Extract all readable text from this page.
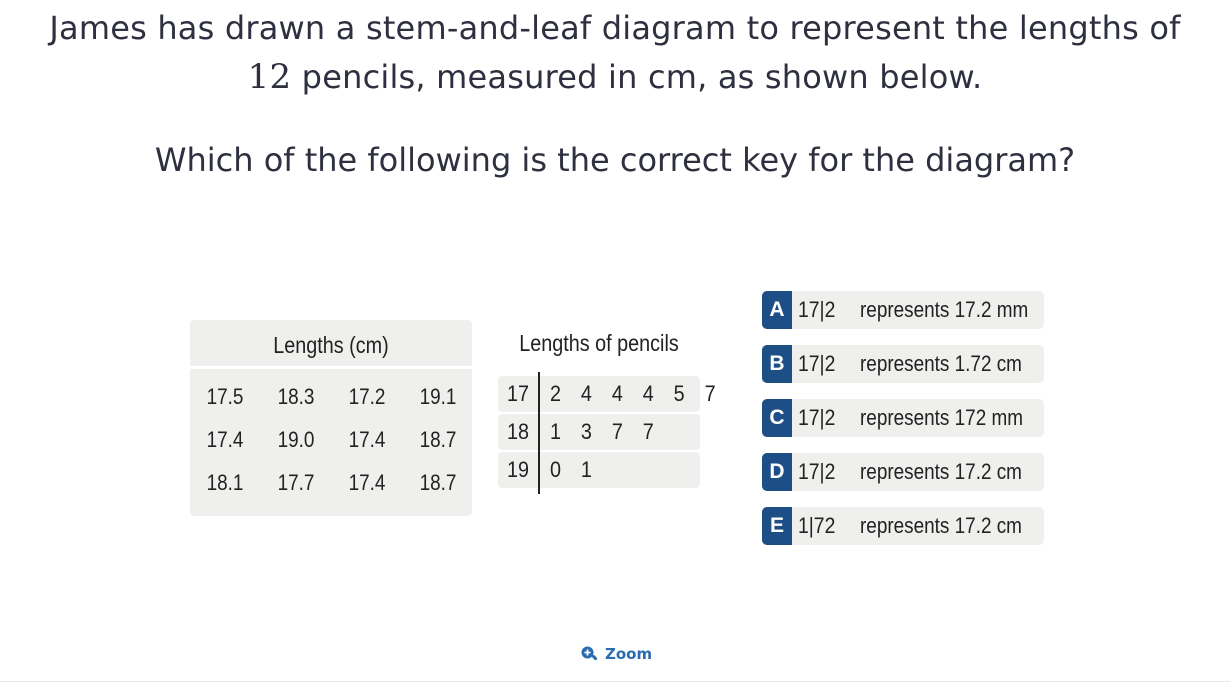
James has drawn a stem-and-leaf diagram to represent the lengths of
12 pencils, measured in cm, as shown below.
Which of the following is the correct key for the diagram?
Lengths (cm)
17.5	18.3	17.2	19.1
17.4	19.0	17.4	18.7
18.1	17.7	17.4	18.7
Lengths of pencils
17 2 4 4 4 5 7
18 1 3 7 7
19 0 1
A 17|2 represents 17.2 mm
B 17|2 represents 1.72 cm
C 17|2 represents 172 mm
D 17|2 represents 17.2 cm
E 1|72 represents 17.2 cm
Zoom
